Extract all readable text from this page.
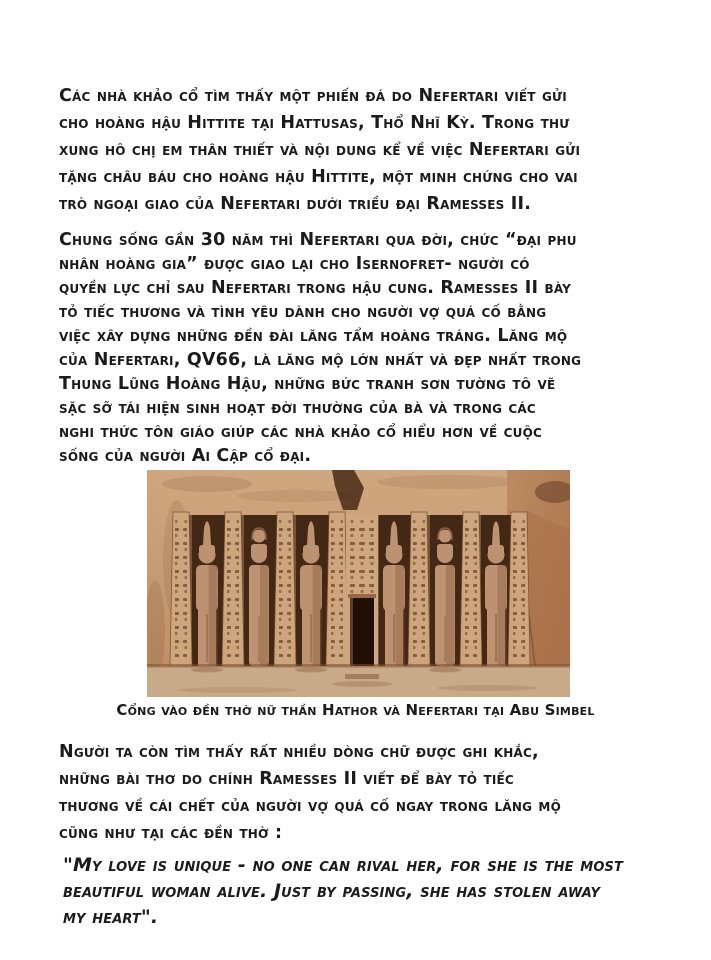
Các nhà khảo cổ tìm thấy một phiến đá do Nefertari viết gửi
cho hoàng hậu Hittite tại Hattusas, Thổ Nhĩ Kỳ. Trong thư
xung hô chị em thân thiết và nội dung kể về việc Nefertari gửi
tặng châu báu cho hoàng hậu Hittite, một minh chứng cho vai
trò ngoại giao của Nefertari dưới triều đại Ramesses II.

Chung sống gần 30 năm thì Nefertari qua đời, chức “đại phu
nhân hoàng gia” được giao lại cho Isernofret- người có
quyền lực chỉ sau Nefertari trong hậu cung. Ramesses II bày
tỏ tiếc thương và tình yêu dành cho người vợ quá cố bằng
việc xây dựng những đền đài lăng tẩm hoàng tráng. Lăng mộ
của Nefertari, QV66, là lăng mộ lớn nhất và đẹp nhất trong
Thung Lũng Hoàng Hậu, những bức tranh sơn tường tô vẽ
sặc sỡ tái hiện sinh hoạt đời thường của bà và trong các
nghi thức tôn giáo giúp các nhà khảo cổ hiểu hơn về cuộc
sống của người Ai Cập cổ đại.

Cổng vào đền thờ nữ thần Hathor và Nefertari tại Abu Simbel

Người ta còn tìm thấy rất nhiều dòng chữ được ghi khắc,
những bài thơ do chính Ramesses II viết để bày tỏ tiếc
thương về cái chết của người vợ quá cố ngay trong lăng mộ
cũng như tại các đền thờ :

"My love is unique - no one can rival her, for she is the most
beautiful woman alive. Just by passing, she has stolen away
my heart".
